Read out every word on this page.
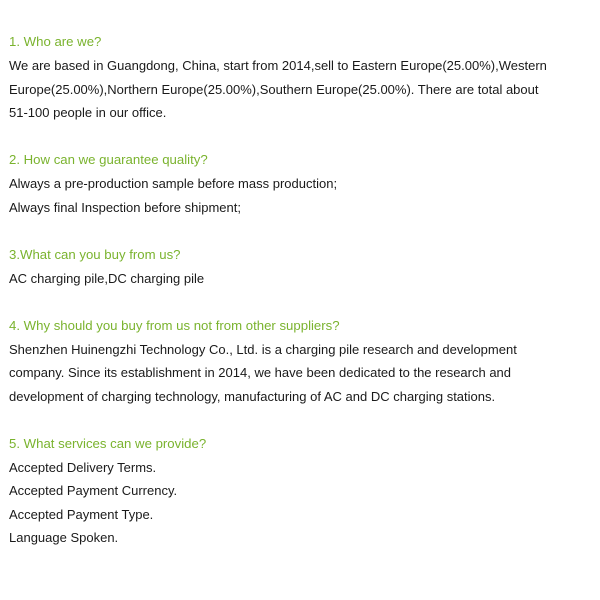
1. Who are we?

We are based in Guangdong, China, start from 2014,sell to Eastern Europe(25.00%),Western

Europe(25.00%),Northern Europe(25.00%),Southern Europe(25.00%). There are total about

51-100 people in our office.

2. How can we guarantee quality?

Always a pre-production sample before mass production;

Always final Inspection before shipment;

3.What can you buy from us?

AC charging pile,DC charging pile

4. Why should you buy from us not from other suppliers?

Shenzhen Huinengzhi Technology Co., Ltd. is a charging pile research and development

company. Since its establishment in 2014, we have been dedicated to the research and

development of charging technology, manufacturing of AC and DC charging stations.

5. What services can we provide?

Accepted Delivery Terms.

Accepted Payment Currency.

Accepted Payment Type.

Language Spoken.
